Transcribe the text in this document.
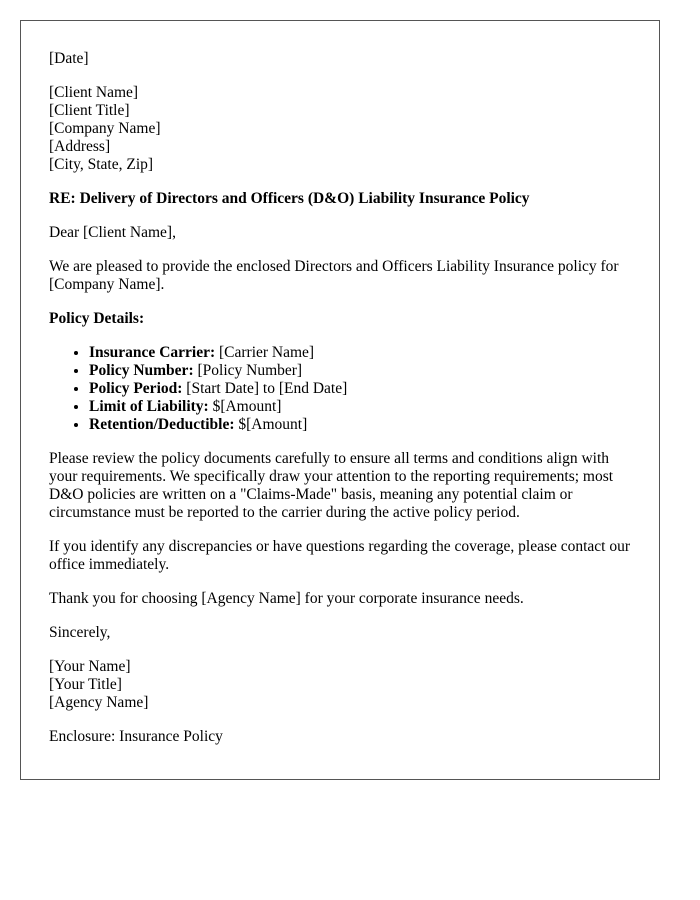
[Date]
[Client Name]
[Client Title]
[Company Name]
[Address]
[City, State, Zip]
RE: Delivery of Directors and Officers (D&O) Liability Insurance Policy
Dear [Client Name],
We are pleased to provide the enclosed Directors and Officers Liability Insurance policy for [Company Name].
Policy Details:
• Insurance Carrier: [Carrier Name]
• Policy Number: [Policy Number]
• Policy Period: [Start Date] to [End Date]
• Limit of Liability: $[Amount]
• Retention/Deductible: $[Amount]
Please review the policy documents carefully to ensure all terms and conditions align with your requirements. We specifically draw your attention to the reporting requirements; most D&O policies are written on a "Claims-Made" basis, meaning any potential claim or circumstance must be reported to the carrier during the active policy period.
If you identify any discrepancies or have questions regarding the coverage, please contact our office immediately.
Thank you for choosing [Agency Name] for your corporate insurance needs.
Sincerely,
[Your Name]
[Your Title]
[Agency Name]
Enclosure: Insurance Policy
